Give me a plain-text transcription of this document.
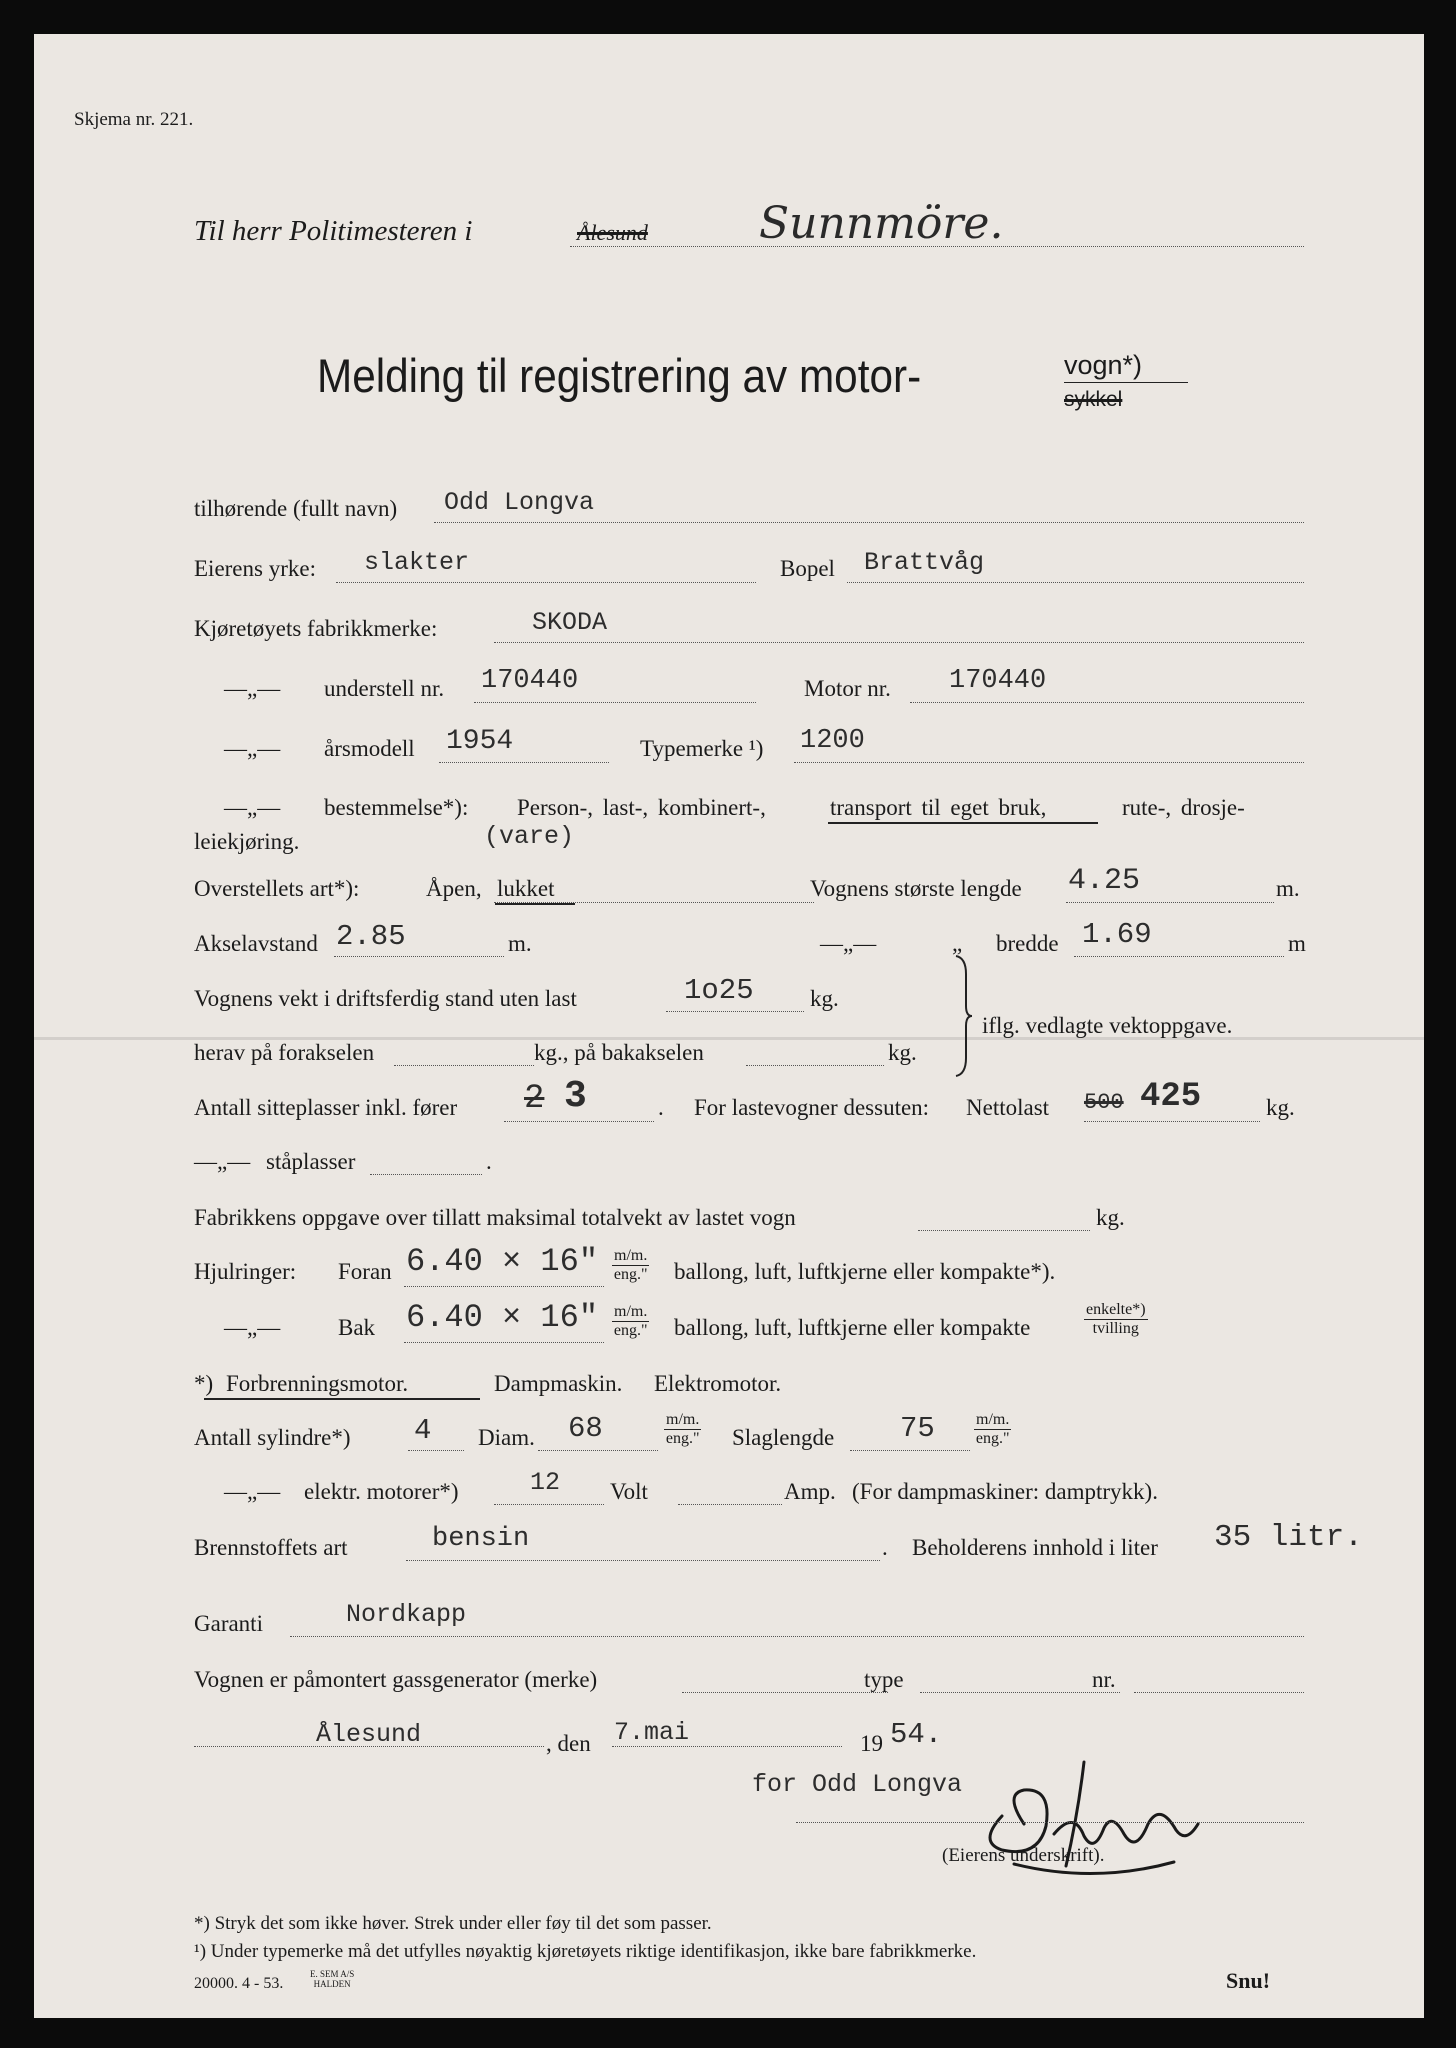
Skjema nr. 221.
Til herr Politimesteren i	Ålesund	Sunnmöre.
Melding til registrering av motor-	vogn*)
sykkel
tilhørende (fullt navn) Odd Longva
Eierens yrke: slakter	Bopel Brattvåg
Kjøretøyets fabrikkmerke:	SKODA
—„— understell nr. 170440	Motor nr. 170440
—„— årsmodell 1954	Typemerke ¹) 1200
—„— bestemmelse*): Person-, last-, kombinert-,	transport til eget bruk,	rute-, drosje-
leiekjøring.	(vare)
Overstellets art*):	Åpen, lukket	Vognens største lengde 4.25	m.
Akselavstand 2.85	m.	—„—	„ bredde 1.69	m
Vognens vekt i driftsferdig stand uten last	1o25 kg.
herav på forakselen	kg., på bakakselen	kg.
iflg. vedlagte vektoppgave.
Antall sitteplasser inkl. fører 2 3	. For lastevogner dessuten: Nettolast 500 425	kg.
—„— ståplasser	.
Fabrikkens oppgave over tillatt maksimal totalvekt av lastet vogn	kg.
Hjulringer: Foran 6.40 × 16" m/m.
eng." ballong, luft, luftkjerne eller kompakte*).
—„—	Bak 6.40 × 16" m/m.
eng." ballong, luft, luftkjerne eller kompakte
enkelte*)
tvilling
*) Forbrenningsmotor.	Dampmaskin. Elektromotor.
Antall sylindre*) 4 Diam. 68	m/m.
eng." Slaglengde 75	m/m.
eng."
—„— elektr. motorer*)	12 Volt	Amp. (For dampmaskiner: damptrykk).
Brennstoffets art	bensin	. Beholderens innhold i liter 35 litr.
Garanti	Nordkapp
Vognen er påmontert gassgenerator (merke)	type	nr.
Ålesund	, den 7.mai	19 54.
for Odd Longva
(Eierens underskrift).
*) Stryk det som ikke høver. Strek under eller føy til det som passer.
¹) Under typemerke må det utfylles nøyaktig kjøretøyets riktige identifikasjon, ikke bare fabrikkmerke.
20000. 4 - 53.
E. SEM A/S
HALDEN	Snu!
